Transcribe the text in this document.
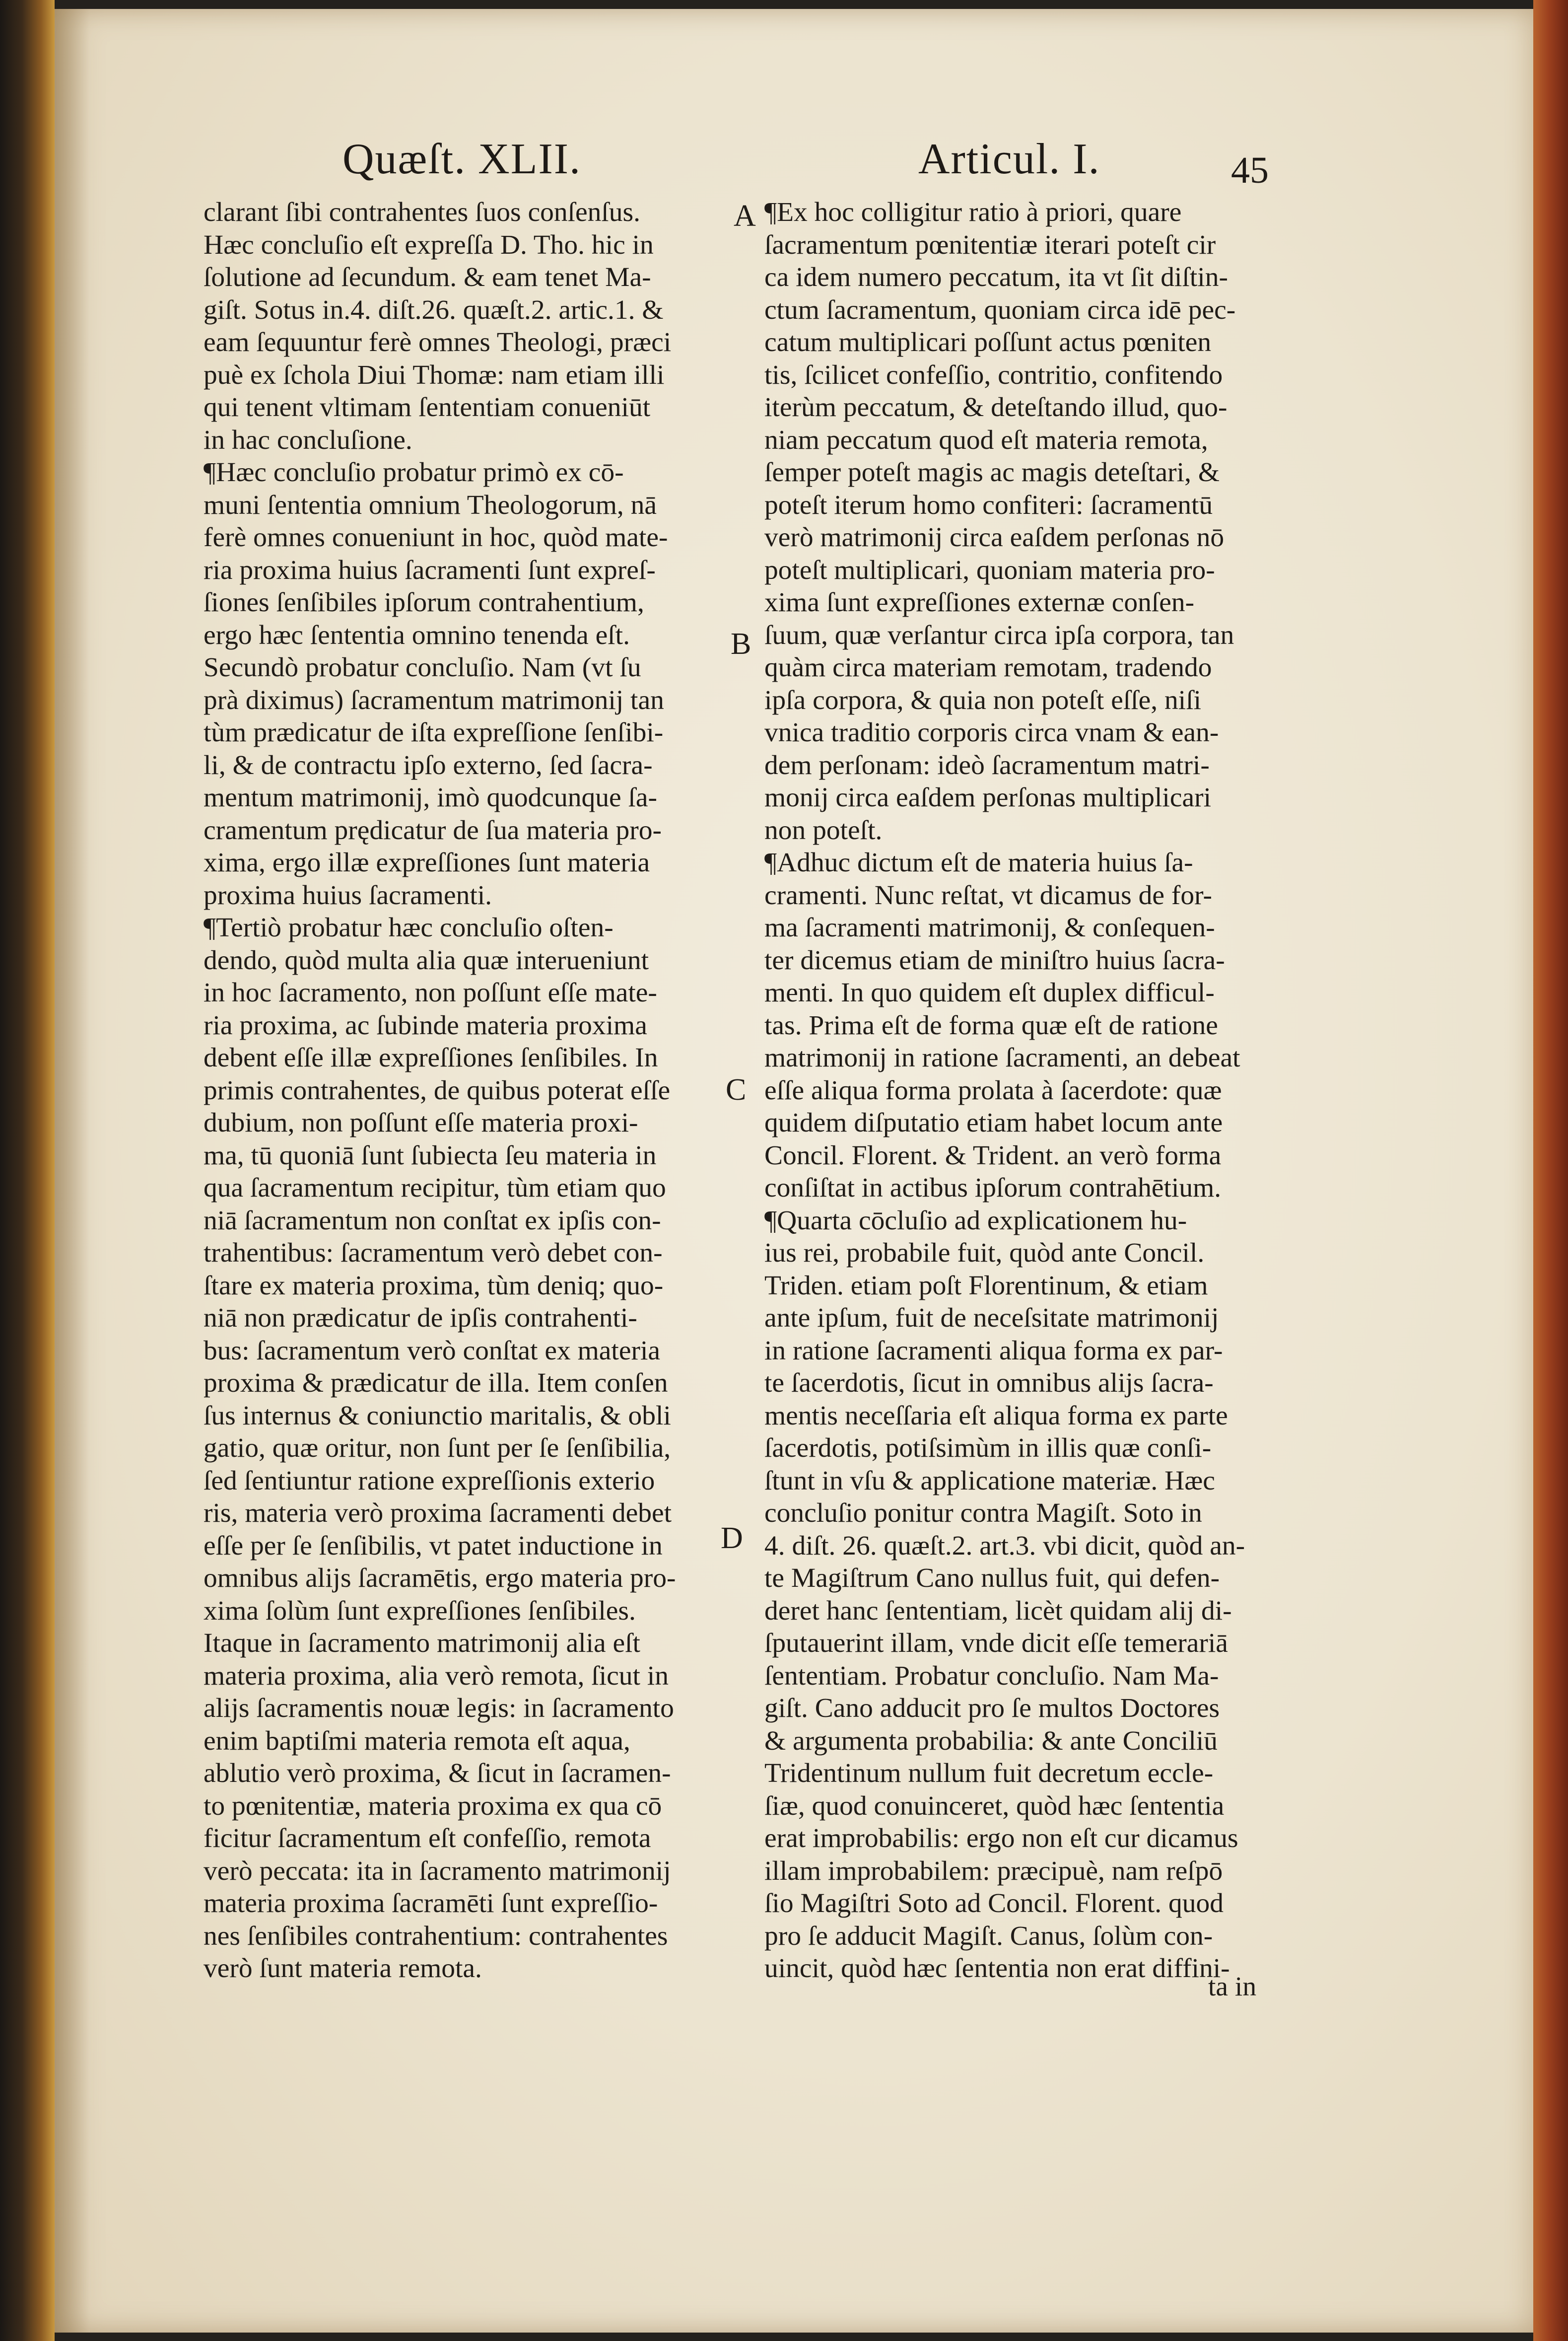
Quæſt. XLII.	Articul. I.	45
A
B
C
D
clarant ſibi contrahentes ſuos conſenſus.
Hæc concluſio eſt expreſſa D. Tho. hic in
ſolutione ad ſecundum. & eam tenet Ma-
giſt. Sotus in.4. diſt.26. quæſt.2. artic.1. &
eam ſequuntur ferè omnes Theologi, præci
puè ex ſchola Diui Thomæ: nam etiam illi
qui tenent vltimam ſententiam conueniūt
in hac concluſione.
¶Hæc concluſio probatur primò ex cō-
muni ſententia omnium Theologorum, nā
ferè omnes conueniunt in hoc, quòd mate-
ria proxima huius ſacramenti ſunt expreſ-
ſiones ſenſibiles ipſorum contrahentium,
ergo hæc ſententia omnino tenenda eſt.
Secundò probatur concluſio. Nam (vt ſu
prà diximus) ſacramentum matrimonij tan
tùm prædicatur de iſta expreſſione ſenſibi-
li, & de contractu ipſo externo, ſed ſacra-
mentum matrimonij, imò quodcunque ſa-
cramentum prędicatur de ſua materia pro-
xima, ergo illæ expreſſiones ſunt materia
proxima huius ſacramenti.
¶Tertiò probatur hæc concluſio oſten-
dendo, quòd multa alia quæ interueniunt
in hoc ſacramento, non poſſunt eſſe mate-
ria proxima, ac ſubinde materia proxima
debent eſſe illæ expreſſiones ſenſibiles. In
primis contrahentes, de quibus poterat eſſe
dubium, non poſſunt eſſe materia proxi-
ma, tū quoniā ſunt ſubiecta ſeu materia in
qua ſacramentum recipitur, tùm etiam quo
niā ſacramentum non conſtat ex ipſis con-
trahentibus: ſacramentum verò debet con-
ſtare ex materia proxima, tùm deniq; quo-
niā non prædicatur de ipſis contrahenti-
bus: ſacramentum verò conſtat ex materia
proxima & prædicatur de illa. Item conſen
ſus internus & coniunctio maritalis, & obli
gatio, quæ oritur, non ſunt per ſe ſenſibilia,
ſed ſentiuntur ratione expreſſionis exterio
ris, materia verò proxima ſacramenti debet
eſſe per ſe ſenſibilis, vt patet inductione in
omnibus alijs ſacramētis, ergo materia pro-
xima ſolùm ſunt expreſſiones ſenſibiles.
Itaque in ſacramento matrimonij alia eſt
materia proxima, alia verò remota, ſicut in
alijs ſacramentis nouæ legis: in ſacramento
enim baptiſmi materia remota eſt aqua,
ablutio verò proxima, & ſicut in ſacramen-
to pœnitentiæ, materia proxima ex qua cō
ficitur ſacramentum eſt confeſſio, remota
verò peccata: ita in ſacramento matrimonij
materia proxima ſacramēti ſunt expreſſio-
nes ſenſibiles contrahentium: contrahentes
verò ſunt materia remota.
¶Ex hoc colligitur ratio à priori, quare
ſacramentum pœnitentiæ iterari poteſt cir
ca idem numero peccatum, ita vt ſit diſtin-
ctum ſacramentum, quoniam circa idē pec-
catum multiplicari poſſunt actus pœniten
tis, ſcilicet confeſſio, contritio, confitendo
iterùm peccatum, & deteſtando illud, quo-
niam peccatum quod eſt materia remota,
ſemper poteſt magis ac magis deteſtari, &
poteſt iterum homo confiteri: ſacramentū
verò matrimonij circa eaſdem perſonas nō
poteſt multiplicari, quoniam materia pro-
xima ſunt expreſſiones externæ conſen-
ſuum, quæ verſantur circa ipſa corpora, tan
quàm circa materiam remotam, tradendo
ipſa corpora, & quia non poteſt eſſe, niſi
vnica traditio corporis circa vnam & ean-
dem perſonam: ideò ſacramentum matri-
monij circa eaſdem perſonas multiplicari
non poteſt.
¶Adhuc dictum eſt de materia huius ſa-
cramenti. Nunc reſtat, vt dicamus de for-
ma ſacramenti matrimonij, & conſequen-
ter dicemus etiam de miniſtro huius ſacra-
menti. In quo quidem eſt duplex difficul-
tas. Prima eſt de forma quæ eſt de ratione
matrimonij in ratione ſacramenti, an debeat
eſſe aliqua forma prolata à ſacerdote: quæ
quidem diſputatio etiam habet locum ante
Concil. Florent. & Trident. an verò forma
conſiſtat in actibus ipſorum contrahētium.
¶Quarta cōcluſio ad explicationem hu-
ius rei, probabile fuit, quòd ante Concil.
Triden. etiam poſt Florentinum, & etiam
ante ipſum, fuit de neceſsitate matrimonij
in ratione ſacramenti aliqua forma ex par-
te ſacerdotis, ſicut in omnibus alijs ſacra-
mentis neceſſaria eſt aliqua forma ex parte
ſacerdotis, potiſsimùm in illis quæ conſi-
ſtunt in vſu & applicatione materiæ. Hæc
concluſio ponitur contra Magiſt. Soto in
4. diſt. 26. quæſt.2. art.3. vbi dicit, quòd an-
te Magiſtrum Cano nullus fuit, qui defen-
deret hanc ſententiam, licèt quidam alij di-
ſputauerint illam, vnde dicit eſſe temerariā
ſententiam. Probatur concluſio. Nam Ma-
giſt. Cano adducit pro ſe multos Doctores
& argumenta probabilia: & ante Conciliū
Tridentinum nullum fuit decretum eccle-
ſiæ, quod conuinceret, quòd hæc ſententia
erat improbabilis: ergo non eſt cur dicamus
illam improbabilem: præcipuè, nam reſpō
ſio Magiſtri Soto ad Concil. Florent. quod
pro ſe adducit Magiſt. Canus, ſolùm con-
uincit, quòd hæc ſententia non erat diffini-
ta in
